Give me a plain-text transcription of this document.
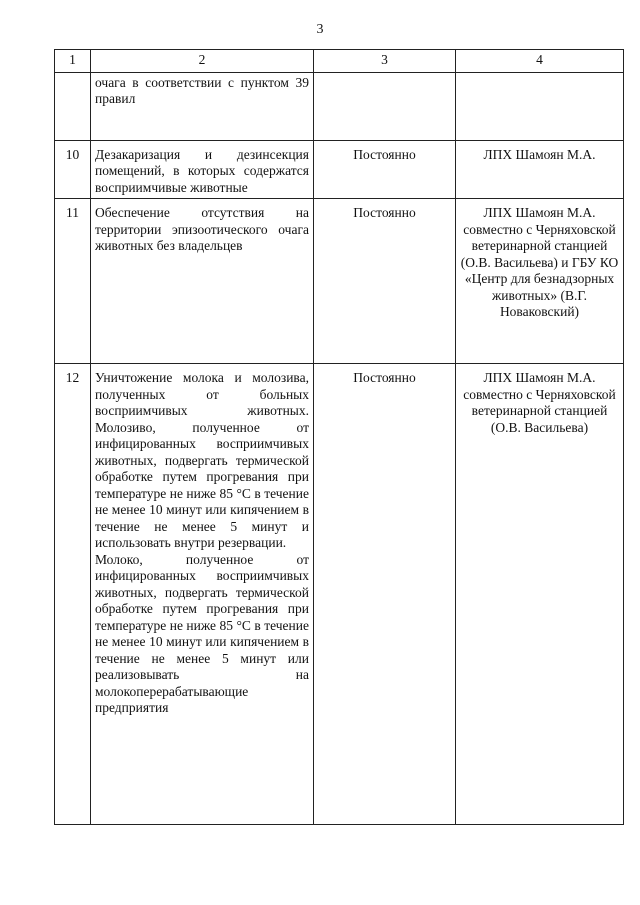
3
1	2	3	4
	очага в соответствии с пунктом 39 правил		
10	Дезакаризация и дезинсекция помещений, в которых содержатся восприимчивые животные	Постоянно	ЛПХ Шамоян М.А.
11	Обеспечение отсутствия на территории эпизоотического очага животных без владельцев	Постоянно	ЛПХ Шамоян М.А. совместно с Черняховской ветеринарной станцией (О.В. Васильева) и ГБУ КО «Центр для безнадзорных животных» (В.Г. Новаковский)
12	Уничтожение молока и молозива, полученных от больных восприимчивых животных. Молозиво, полученное от инфицированных восприимчивых животных, подвергать термической обработке путем прогревания при температуре не ниже 85 °С в течение не менее 10 минут или кипячением в течение не менее 5 минут и использовать внутри резервации.
Молоко, полученное от инфицированных восприимчивых животных, подвергать термической обработке путем прогревания при температуре не ниже 85 °С в течение не менее 10 минут или кипячением в течение не менее 5 минут или реализовывать на молокоперерабатывающие предприятия	Постоянно	ЛПХ Шамоян М.А. совместно с Черняховской ветеринарной станцией (О.В. Васильева)
